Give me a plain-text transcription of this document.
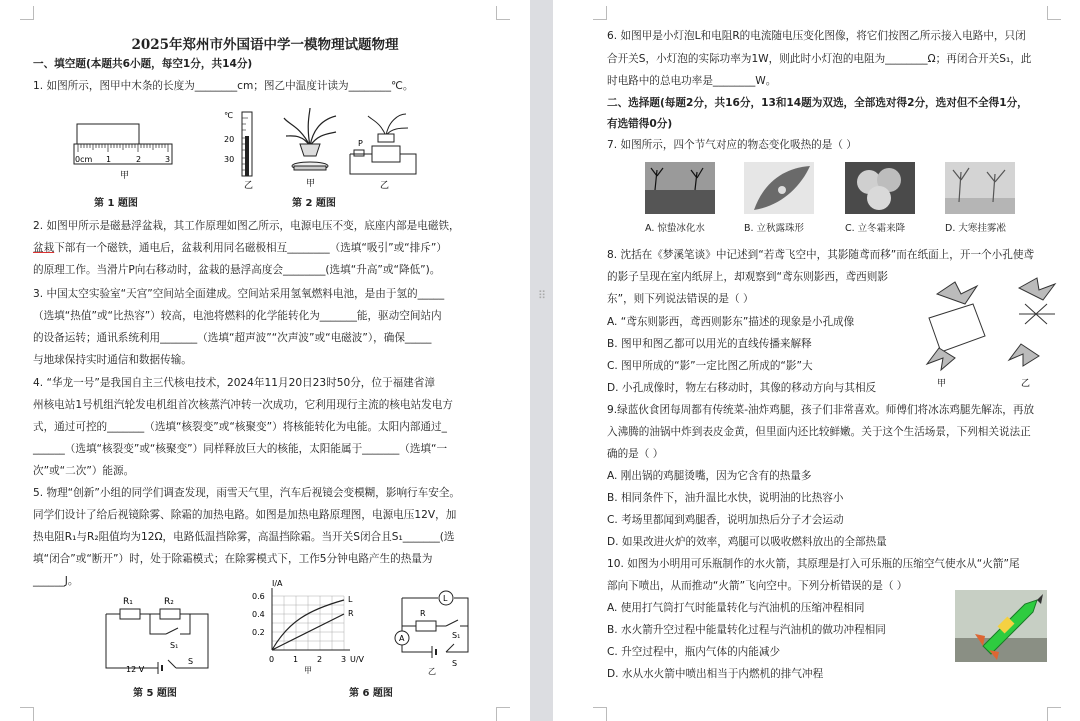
2025年郑州市外国语中学一模物理试题物理
一、填空题(本题共6小题，每空1分，共14分)
1. 如图所示，图甲中木条的长度为________cm；图乙中温度计读为________℃。
0cm 1	2	3
甲
℃
20
30
乙	甲
P
乙
第 1 题图	第 2 题图
2. 如图甲所示是磁悬浮盆栽，其工作原理如图乙所示，电源电压不变，底座内部是电磁铁，
盆栽下部有一个磁铁，通电后，盆栽利用同名磁极相互________（选填“吸引”或“排斥”）
的原理工作。当滑片P向右移动时，盆栽的悬浮高度会________(选填“升高”或“降低”)。
3. 中国太空实验室“天宫”空间站全面建成。空间站采用氢氧燃料电池，是由于氢的_____
（选填“热值”或“比热容”）较高，电池将燃料的化学能转化为_______能，驱动空间站内
的设备运转；通讯系统利用_______（选填“超声波”“次声波”或“电磁波”），确保_____
与地球保持实时通信和数据传输。
4. “华龙一号”是我国自主三代核电技术，2024年11月20日23时50分，位于福建省漳
州核电站1号机组汽轮发电机组首次核蒸汽冲转一次成功，它利用现行主流的核电站发电方
式，通过可控的_______（选填“核裂变”或“核聚变”）将核能转化为电能。太阳内部通过_
______（选填“核裂变”或“核聚变”）同样释放巨大的核能，太阳能属于_______（选填“一
次”或“二次”）能源。
5. 物理“创新”小组的同学们调查发现，雨雪天气里，汽车后视镜会变模糊，影响行车安全。
同学们设计了给后视镜除雾、除霜的加热电路。如图是加热电路原理图，电源电压12V，加
热电阻R₁与R₂阻值均为12Ω，电路低温挡除雾，高温挡除霜。当开关S闭合且S₁_______(选
填“闭合”或“断开”）时，处于除霜模式；在除雾模式下，工作5分钟电路产生的热量为
______J。
R₁	R₂
S₁
12 V
S
I/A
L
R
0.6
0.4
0.2
0 1 2 3 U/V
甲
L
R
S₁
A
S
乙
第 5 题图	第 6 题图
⠿
6. 如图甲是小灯泡L和电阻R的电流随电压变化图像，将它们按图乙所示接入电路中，只闭
合开关S，小灯泡的实际功率为1W，则此时小灯泡的电阻为________Ω；再闭合开关S₁，此
时电路中的总电功率是________W。
二、选择题(每题2分，共16分，13和14题为双选，全部选对得2分，选对但不全得1分，
有选错得0分)
7. 如图所示，四个节气对应的物态变化吸热的是（ ）
A. 惊蛰冰化水	B. 立秋露珠形	C. 立冬霜来降	D. 大寒挂雾凇
8. 沈括在《梦溪笔谈》中记述到“若鸢飞空中，其影随鸢而移”而在纸面上，开一个小孔使鸢
的影子呈现在室内纸屏上，却观察到“鸢东则影西，鸢西则影
东”，则下列说法错误的是（ ）
A. “鸢东则影西，鸢西则影东”描述的现象是小孔成像
B. 图甲和图乙都可以用光的直线传播来解释
C. 图甲所成的“影”一定比图乙所成的“影”大
D. 小孔成像时，物左右移动时，其像的移动方向与其相反	甲	乙
9.绿蓝伙食团每周都有传统菜-油炸鸡腿，孩子们非常喜欢。师傅们将冰冻鸡腿先解冻，再放
入沸腾的油锅中炸到表皮金黄，但里面内还比较鲜嫩。关于这个生活场景，下列相关说法正
确的是（ ）
A. 刚出锅的鸡腿烫嘴，因为它含有的热量多
B. 相同条件下，油升温比水快，说明油的比热容小
C. 考场里都闻到鸡腿香，说明加热后分子才会运动
D. 如果改进火炉的效率，鸡腿可以吸收燃料放出的全部热量
10. 如图为小明用可乐瓶制作的水火箭，其原理是打入可乐瓶的压缩空气使水从“火箭”尾
部向下喷出，从而推动“火箭”飞向空中。下列分析错误的是（ ）
A. 使用打气筒打气时能量转化与汽油机的压缩冲程相同
B. 水火箭升空过程中能量转化过程与汽油机的做功冲程相同
C. 升空过程中，瓶内气体的内能减少
D. 水从水火箭中喷出相当于内燃机的排气冲程
